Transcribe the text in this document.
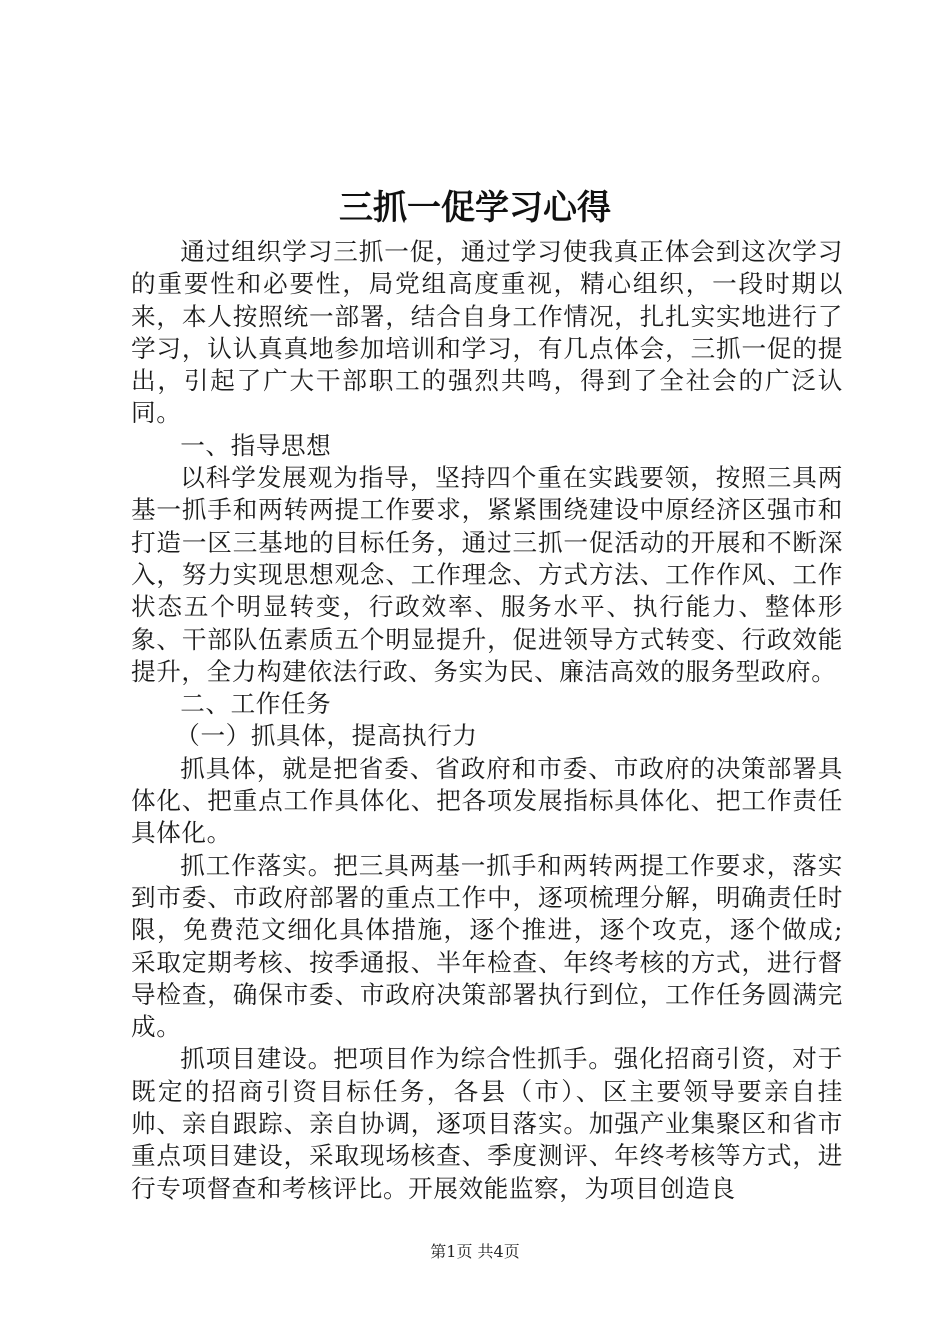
三抓一促学习心得

通过组织学习三抓一促，通过学习使我真正体会到这次学习的重要性和必要性，局党组高度重视，精心组织，一段时期以来，本人按照统一部署，结合自身工作情况，扎扎实实地进行了学习，认认真真地参加培训和学习，有几点体会，三抓一促的提出，引起了广大干部职工的强烈共鸣，得到了全社会的广泛认同。

一、指导思想

以科学发展观为指导，坚持四个重在实践要领，按照三具两基一抓手和两转两提工作要求，紧紧围绕建设中原经济区强市和打造一区三基地的目标任务，通过三抓一促活动的开展和不断深入，努力实现思想观念、工作理念、方式方法、工作作风、工作状态五个明显转变，行政效率、服务水平、执行能力、整体形象、干部队伍素质五个明显提升，促进领导方式转变、行政效能提升，全力构建依法行政、务实为民、廉洁高效的服务型政府。

二、工作任务

（一）抓具体，提高执行力

抓具体，就是把省委、省政府和市委、市政府的决策部署具体化、把重点工作具体化、把各项发展指标具体化、把工作责任具体化。

抓工作落实。把三具两基一抓手和两转两提工作要求，落实到市委、市政府部署的重点工作中，逐项梳理分解，明确责任时限，免费范文细化具体措施，逐个推进，逐个攻克，逐个做成;采取定期考核、按季通报、半年检查、年终考核的方式，进行督导检查，确保市委、市政府决策部署执行到位，工作任务圆满完成。

抓项目建设。把项目作为综合性抓手。强化招商引资，对于既定的招商引资目标任务，各县（市）、区主要领导要亲自挂帅、亲自跟踪、亲自协调，逐项目落实。加强产业集聚区和省市重点项目建设，采取现场核查、季度测评、年终考核等方式，进行专项督查和考核评比。开展效能监察，为项目创造良

第1页 共4页
